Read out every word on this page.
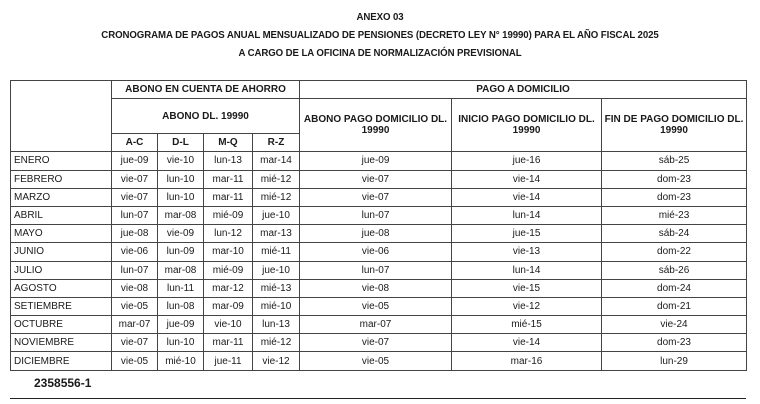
ANEXO 03
CRONOGRAMA DE PAGOS ANUAL MENSUALIZADO DE PENSIONES (DECRETO LEY N° 19990) PARA EL AÑO FISCAL 2025
A CARGO DE LA OFICINA DE NORMALIZACIÓN PREVISIONAL
	ABONO EN CUENTA DE AHORRO				PAGO A DOMICILIO		
	ABONO DL. 19990				ABONO PAGO DOMICILIO DL. 19990	INICIO PAGO DOMICILIO DL. 19990	FIN DE PAGO DOMICILIO DL. 19990
	A-C	D-L	M-Q	R-Z			
ENERO	jue-09	vie-10	lun-13	mar-14	jue-09	jue-16	sáb-25
FEBRERO	vie-07	lun-10	mar-11	mié-12	vie-07	vie-14	dom-23
MARZO	vie-07	lun-10	mar-11	mié-12	vie-07	vie-14	dom-23
ABRIL	lun-07	mar-08	mié-09	jue-10	lun-07	lun-14	mié-23
MAYO	jue-08	vie-09	lun-12	mar-13	jue-08	jue-15	sáb-24
JUNIO	vie-06	lun-09	mar-10	mié-11	vie-06	vie-13	dom-22
JULIO	lun-07	mar-08	mié-09	jue-10	lun-07	lun-14	sáb-26
AGOSTO	vie-08	lun-11	mar-12	mié-13	vie-08	vie-15	dom-24
SETIEMBRE	vie-05	lun-08	mar-09	mié-10	vie-05	vie-12	dom-21
OCTUBRE	mar-07	jue-09	vie-10	lun-13	mar-07	mié-15	vie-24
NOVIEMBRE	vie-07	lun-10	mar-11	mié-12	vie-07	vie-14	dom-23
DICIEMBRE	vie-05	mié-10	jue-11	vie-12	vie-05	mar-16	lun-29
2358556-1
